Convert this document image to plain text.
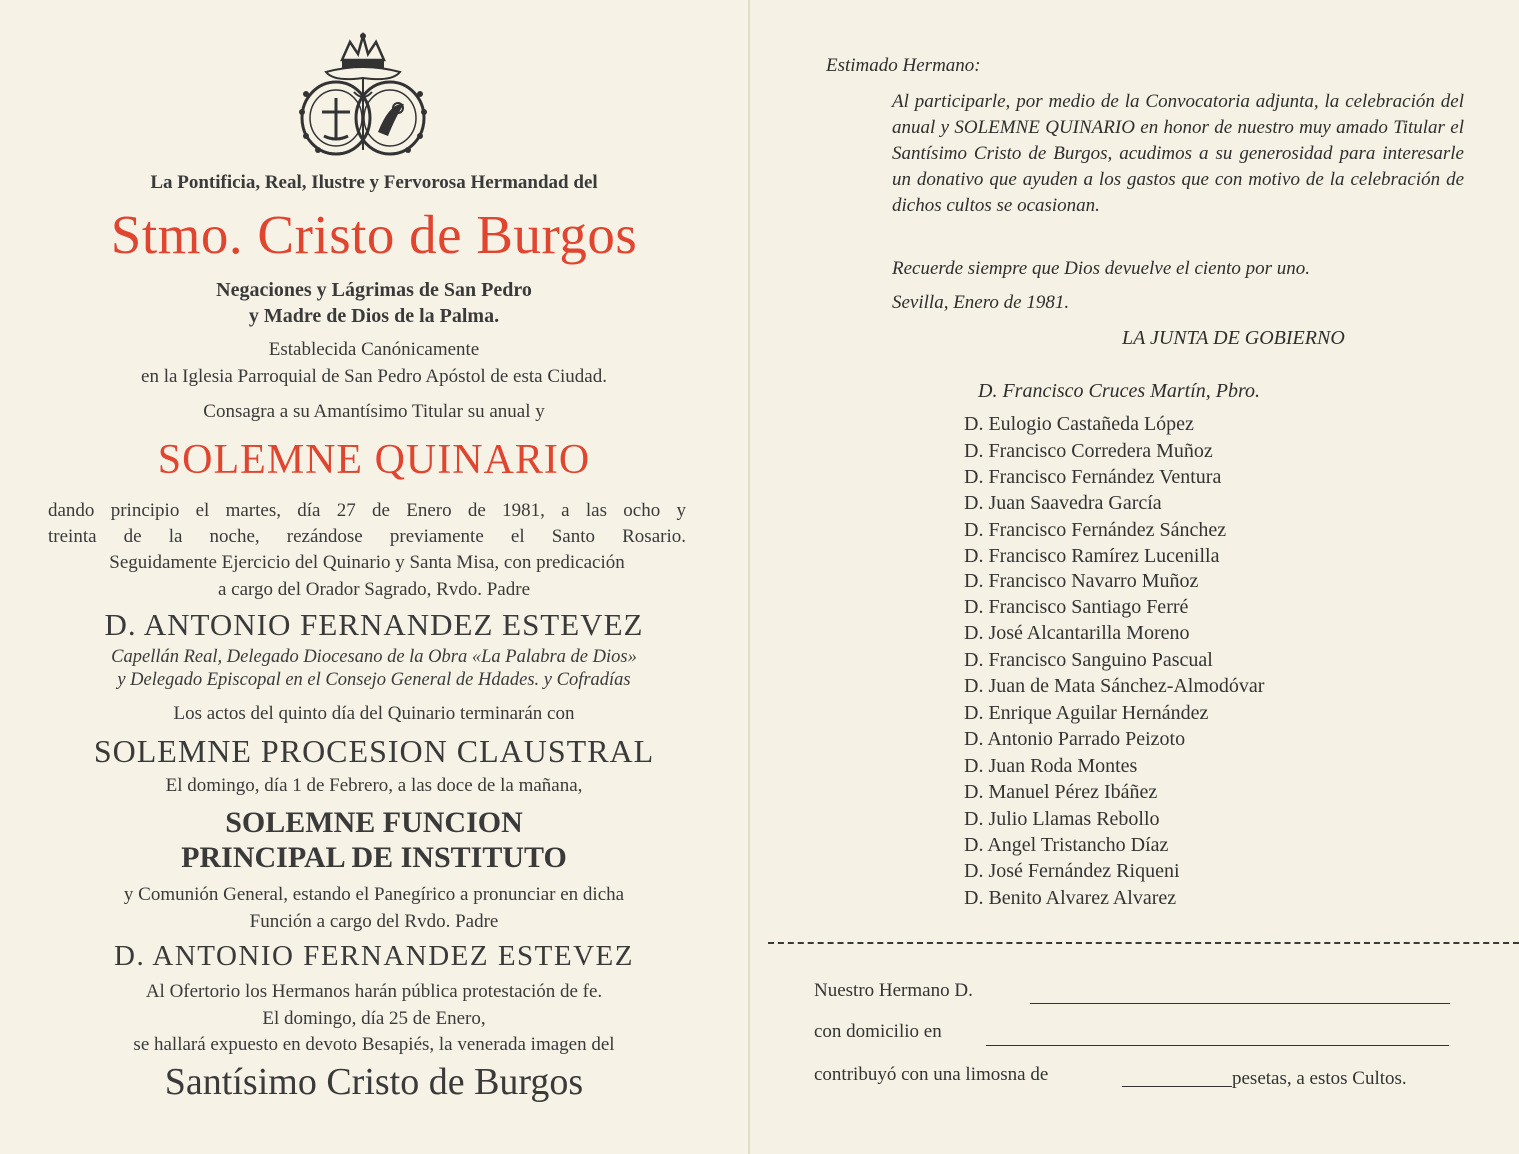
La Pontificia, Real, Ilustre y Fervorosa Hermandad del
Stmo. Cristo de Burgos
Negaciones y Lágrimas de San Pedro
y Madre de Dios de la Palma.
Establecida Canónicamente
en la Iglesia Parroquial de San Pedro Apóstol de esta Ciudad.
Consagra a su Amantísimo Titular su anual y
SOLEMNE QUINARIO
dando principio el martes, día 27 de Enero de 1981, a las ocho y
treinta de la noche, rezándose previamente el Santo Rosario.
Seguidamente Ejercicio del Quinario y Santa Misa, con predicación
a cargo del Orador Sagrado, Rvdo. Padre
D. ANTONIO FERNANDEZ ESTEVEZ
Capellán Real, Delegado Diocesano de la Obra «La Palabra de Dios»
y Delegado Episcopal en el Consejo General de Hdades. y Cofradías
Los actos del quinto día del Quinario terminarán con
SOLEMNE PROCESION CLAUSTRAL
El domingo, día 1 de Febrero, a las doce de la mañana,
SOLEMNE FUNCION
PRINCIPAL DE INSTITUTO
y Comunión General, estando el Panegírico a pronunciar en dicha
Función a cargo del Rvdo. Padre
D. ANTONIO FERNANDEZ ESTEVEZ
Al Ofertorio los Hermanos harán pública protestación de fe.
El domingo, día 25 de Enero,
se hallará expuesto en devoto Besapiés, la venerada imagen del
Santísimo Cristo de Burgos
Estimado Hermano:
Al participarle, por medio de la Convocatoria adjunta, la celebración del anual y SOLEMNE QUINARIO en honor de nuestro muy amado Titular el Santísimo Cristo de Burgos, acudimos a su generosidad para interesarle un donativo que ayuden a los gastos que con motivo de la celebración de dichos cultos se ocasionan.
Recuerde siempre que Dios devuelve el ciento por uno.
Sevilla, Enero de 1981.
LA JUNTA DE GOBIERNO
D. Francisco Cruces Martín, Pbro.
D. Eulogio Castañeda López
D. Francisco Corredera Muñoz
D. Francisco Fernández Ventura
D. Juan Saavedra García
D. Francisco Fernández Sánchez
D. Francisco Ramírez Lucenilla
D. Francisco Navarro Muñoz
D. Francisco Santiago Ferré
D. José Alcantarilla Moreno
D. Francisco Sanguino Pascual
D. Juan de Mata Sánchez-Almodóvar
D. Enrique Aguilar Hernández
D. Antonio Parrado Peizoto
D. Juan Roda Montes
D. Manuel Pérez Ibáñez
D. Julio Llamas Rebollo
D. Angel Tristancho Díaz
D. José Fernández Riqueni
D. Benito Alvarez Alvarez
Nuestro Hermano D.
con domicilio en
contribuyó con una limosna de	pesetas, a estos Cultos.
